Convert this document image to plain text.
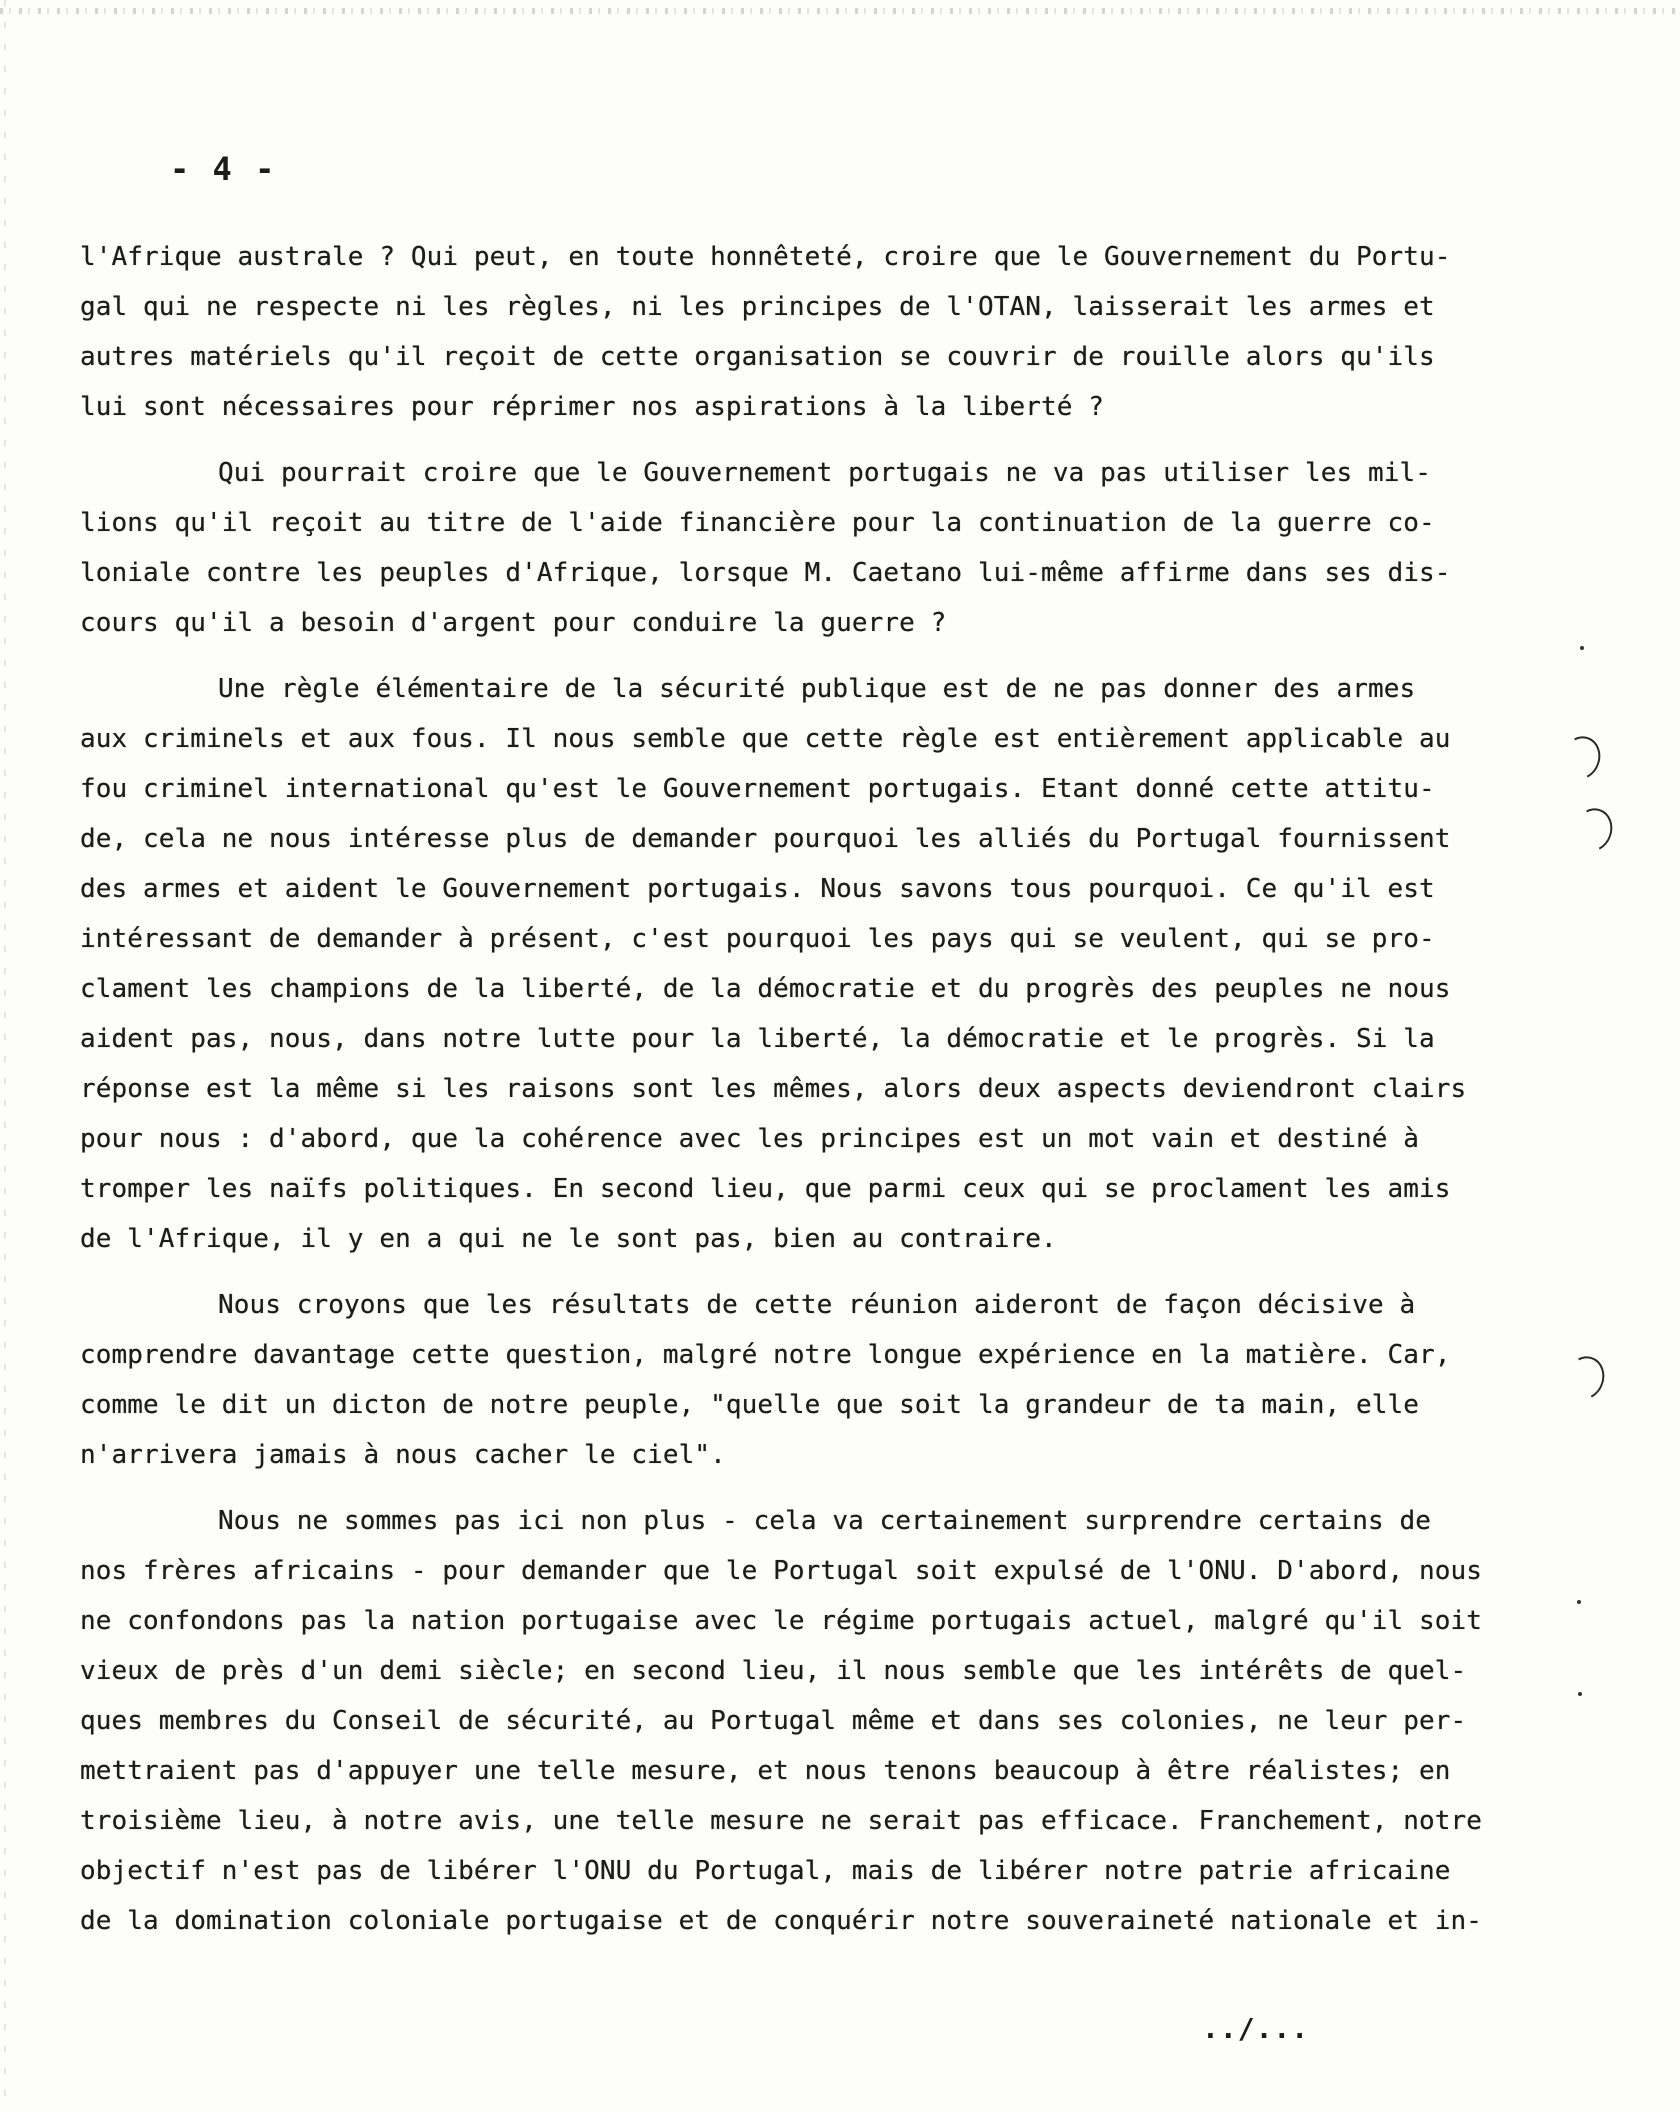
- 4 -
l'Afrique australe ? Qui peut, en toute honnêteté, croire que le Gouvernement du Portu-
gal qui ne respecte ni les règles, ni les principes de l'OTAN, laisserait les armes et
autres matériels qu'il reçoit de cette organisation se couvrir de rouille alors qu'ils
lui sont nécessaires pour réprimer nos aspirations à la liberté ?
Qui pourrait croire que le Gouvernement portugais ne va pas utiliser les mil-
lions qu'il reçoit au titre de l'aide financière pour la continuation de la guerre co-
loniale contre les peuples d'Afrique, lorsque M. Caetano lui-même affirme dans ses dis-
cours qu'il a besoin d'argent pour conduire la guerre ?
Une règle élémentaire de la sécurité publique est de ne pas donner des armes
aux criminels et aux fous. Il nous semble que cette règle est entièrement applicable au
fou criminel international qu'est le Gouvernement portugais. Etant donné cette attitu-
de, cela ne nous intéresse plus de demander pourquoi les alliés du Portugal fournissent
des armes et aident le Gouvernement portugais. Nous savons tous pourquoi. Ce qu'il est
intéressant de demander à présent, c'est pourquoi les pays qui se veulent, qui se pro-
clament les champions de la liberté, de la démocratie et du progrès des peuples ne nous
aident pas, nous, dans notre lutte pour la liberté, la démocratie et le progrès. Si la
réponse est la même si les raisons sont les mêmes, alors deux aspects deviendront clairs
pour nous : d'abord, que la cohérence avec les principes est un mot vain et destiné à
tromper les naïfs politiques. En second lieu, que parmi ceux qui se proclament les amis
de l'Afrique, il y en a qui ne le sont pas, bien au contraire.
Nous croyons que les résultats de cette réunion aideront de façon décisive à
comprendre davantage cette question, malgré notre longue expérience en la matière. Car,
comme le dit un dicton de notre peuple, "quelle que soit la grandeur de ta main, elle
n'arrivera jamais à nous cacher le ciel".
Nous ne sommes pas ici non plus - cela va certainement surprendre certains de
nos frères africains - pour demander que le Portugal soit expulsé de l'ONU. D'abord, nous
ne confondons pas la nation portugaise avec le régime portugais actuel, malgré qu'il soit
vieux de près d'un demi siècle; en second lieu, il nous semble que les intérêts de quel-
ques membres du Conseil de sécurité, au Portugal même et dans ses colonies, ne leur per-
mettraient pas d'appuyer une telle mesure, et nous tenons beaucoup à être réalistes; en
troisième lieu, à notre avis, une telle mesure ne serait pas efficace. Franchement, notre
objectif n'est pas de libérer l'ONU du Portugal, mais de libérer notre patrie africaine
de la domination coloniale portugaise et de conquérir notre souveraineté nationale et in-
../...
